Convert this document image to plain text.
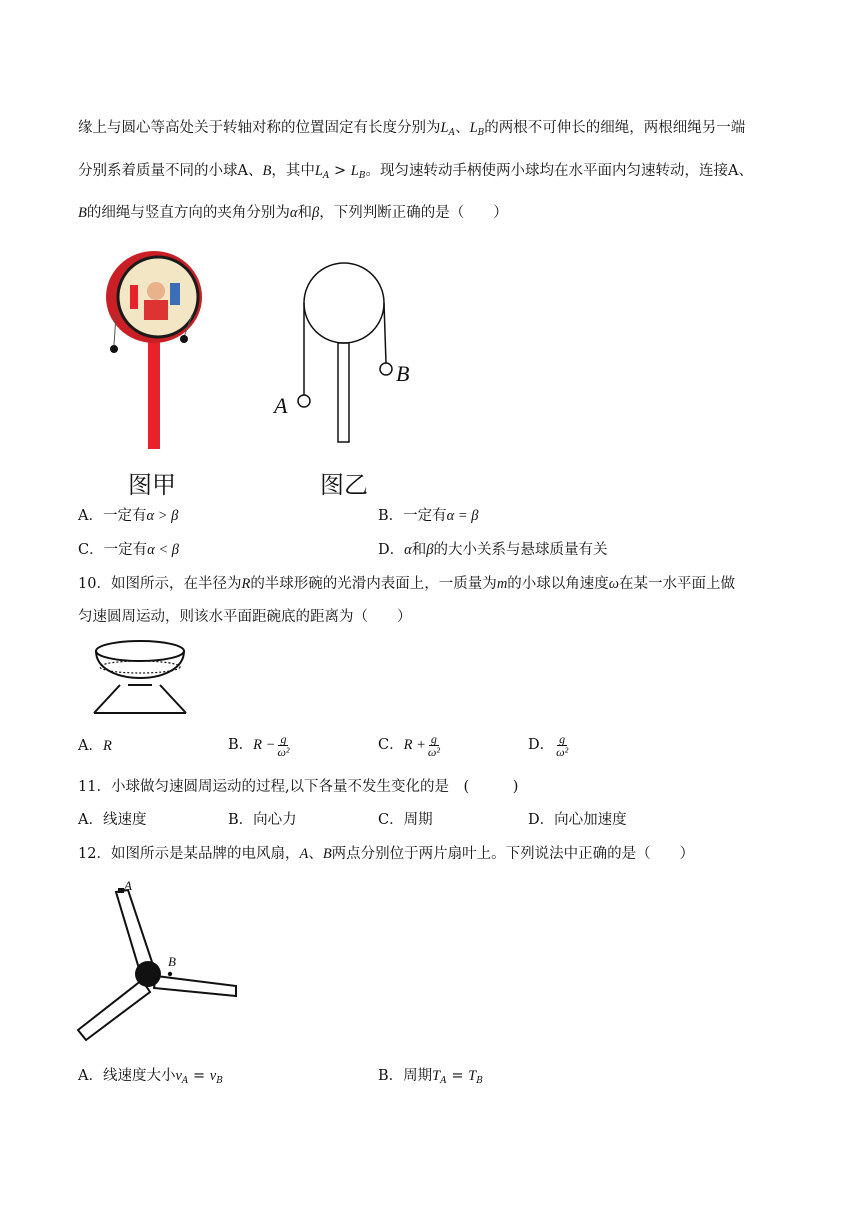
缘上与圆心等高处关于转轴对称的位置固定有长度分别为$L_A$、$L_B$的两根不可伸长的细绳，两根细绳另一端
分别系着质量不同的小球A、B，其中$L_A > L_B$。现匀速转动手柄使两小球均在水平面内匀速转动，连接A、
B的细绳与竖直方向的夹角分别为α和β，下列判断正确的是（　　）
图甲
A
B
图乙
A．一定有α > β	B．一定有α = β
C．一定有α < β	D．α和β的大小关系与悬球质量有关
10．如图所示，在半径为R的半球形碗的光滑内表面上，一质量为m的小球以角速度ω在某一水平面上做
匀速圆周运动，则该水平面距碗底的距离为（　　）
A．R	B．$R - \frac{g}{\text{ω²}}$	C．$R + \frac{g}{\text{ω²}}$	D． $\frac{g}{\text{ω²}}$
11．小球做匀速圆周运动的过程,以下各量不发生变化的是　(　　　)
A．线速度	B．向心力	C．周期	D．向心加速度
12．如图所示是某品牌的电风扇，A、B两点分别位于两片扇叶上。下列说法中正确的是（　　）
A
B
A．线速度大小$v_A = v_B$	B．周期$T_A = T_B$
